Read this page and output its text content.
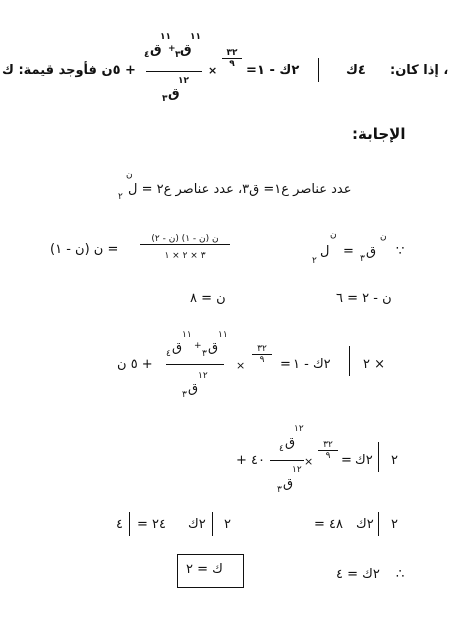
، إذا كان:
٤ك
٢ك - ١
=
٣٢
٩
×
١١
ق
٣
+
١١
ق
٤
١٢
ق
٣
+ ٥ن فأوجد قيمة: ك
الإجابة:
عدد عناصر ع١= ق٣، عدد عناصر ع٢ = ل
ن
٢
∵
ن
ق
٣
=
ن
ل
٢
ن (ن - ١) (ن - ٢)
٣ × ٢ × ١
= ن (ن - ١)
ن - ٢ = ٦
ن = ٨
٢ ×
٢ك - ١
=
٣٢
٩
×
١١
ق
٣
+
١١
ق
٤
١٢
ق
٣
+ ٥ ن
٢
٢ك
=
٣٢
٩
×
١٢
ق
٤
١٢
ق
٣
+ ٤٠
٢
٢ك
= ٤٨
٢
٢ك
= ٢٤
٤
∴
٢ك = ٤
ك = ٢
